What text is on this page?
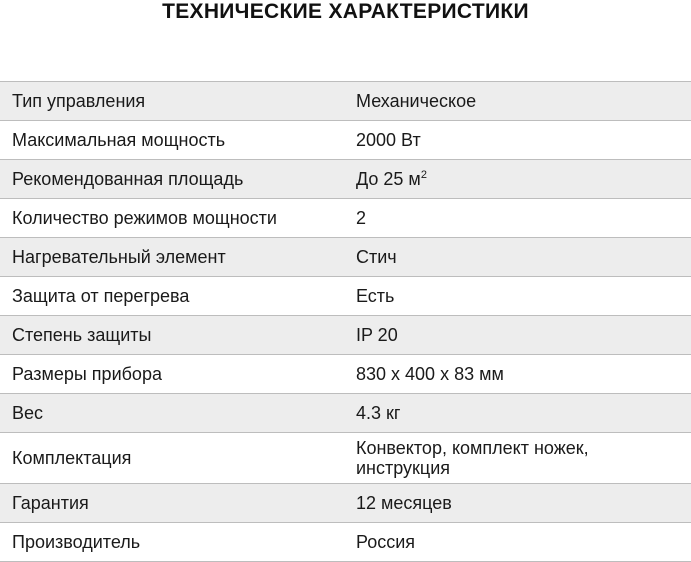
ТЕХНИЧЕСКИЕ ХАРАКТЕРИСТИКИ
Тип управления	Механическое
Максимальная мощность	2000 Вт
Рекомендованная площадь	До 25 $м^2$
Количество режимов мощности	2
Нагревательный элемент	Стич
Защита от перегрева	Есть
Степень защиты	IP 20
Размеры прибора	830 х 400 х 83 мм
Вес	4.3 кг
Комплектация	Конвектор, комплект ножек,
инструкция
Гарантия	12 месяцев
Производитель	Россия
